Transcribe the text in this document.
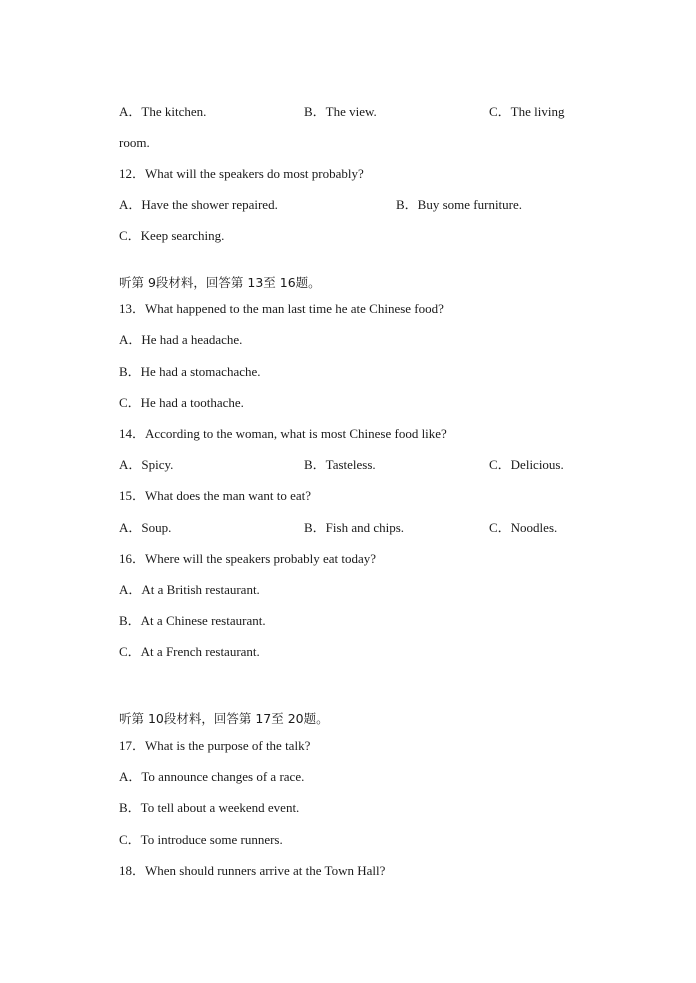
A．The kitchen.	B．The view.	C．The living
room.
12．What will the speakers do most probably?
A．Have the shower repaired.	B．Buy some furniture.
C．Keep searching.
听第 9段材料，回答第 13至 16题。
13．What happened to the man last time he ate Chinese food?
A．He had a headache.
B．He had a stomachache.
C．He had a toothache.
14．According to the woman, what is most Chinese food like?
A．Spicy.	B．Tasteless.	C．Delicious.
15．What does the man want to eat?
A．Soup.	B．Fish and chips.	C．Noodles.
16．Where will the speakers probably eat today?
A．At a British restaurant.
B．At a Chinese restaurant.
C．At a French restaurant.
听第 10段材料，回答第 17至 20题。
17．What is the purpose of the talk?
A．To announce changes of a race.
B．To tell about a weekend event.
C．To introduce some runners.
18．When should runners arrive at the Town Hall?
